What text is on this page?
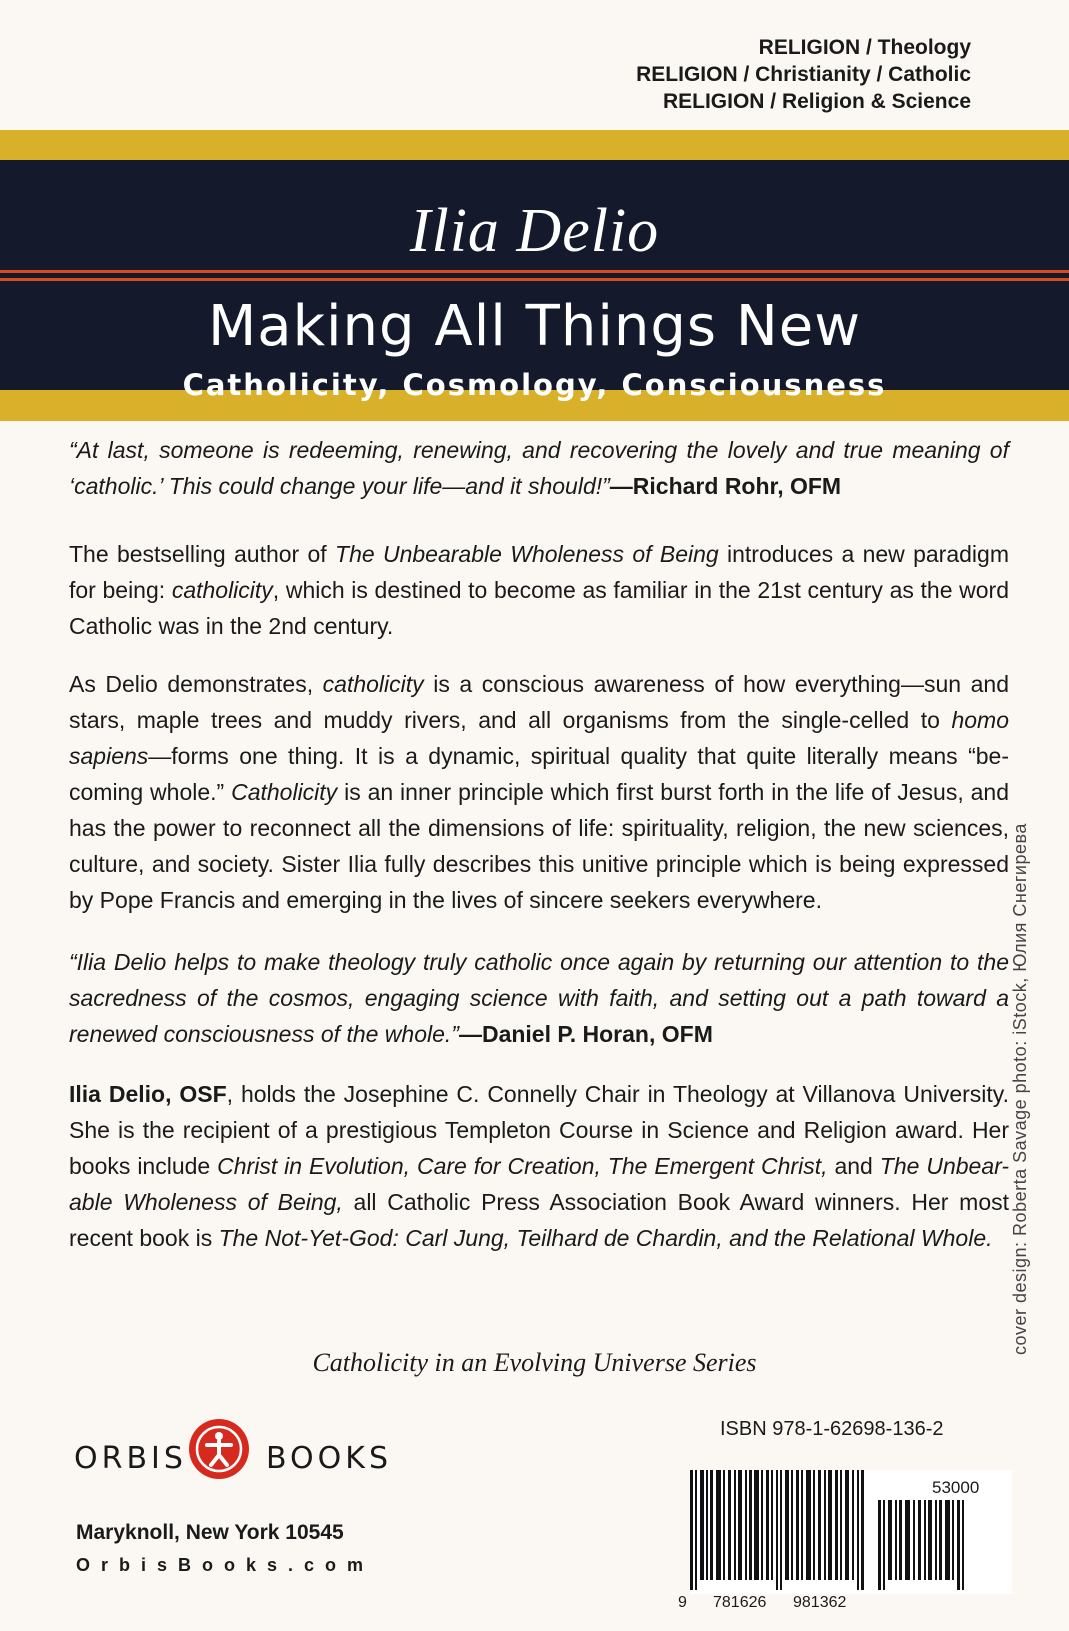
RELIGION / Theology
RELIGION / Christianity / Catholic
RELIGION / Religion & Science
Ilia Delio
Making All Things New
Catholicity, Cosmology, Consciousness
“At last, someone is redeeming, renewing, and recovering the lovely and true meaning of ‘catholic.’ This could change your life—and it should!”—Richard Rohr, OFM
The bestselling author of The Unbearable Wholeness of Being introduces a new paradigm for being: catholicity, which is destined to become as familiar in the 21st century as the word Catholic was in the 2nd century.
As Delio demonstrates, catholicity is a conscious awareness of how everything—sun and stars, maple trees and muddy rivers, and all organisms from the single-celled to homo sapiens—forms one thing. It is a dynamic, spiritual quality that quite literally means “be-coming whole.” Catholicity is an inner principle which first burst forth in the life of Jesus, and has the power to reconnect all the dimensions of life: spirituality, religion, the new sciences, culture, and society. Sister Ilia fully describes this unitive principle which is being expressed by Pope Francis and emerging in the lives of sincere seekers everywhere.
“Ilia Delio helps to make theology truly catholic once again by returning our attention to the sacredness of the cosmos, engaging science with faith, and setting out a path toward a renewed consciousness of the whole.”—Daniel P. Horan, OFM
Ilia Delio, OSF, holds the Josephine C. Connelly Chair in Theology at Villanova University. She is the recipient of a prestigious Templeton Course in Science and Religion award. Her books include Christ in Evolution, Care for Creation, The Emergent Christ, and The Unbear-able Wholeness of Being, all Catholic Press Association Book Award winners. Her most recent book is The Not-Yet-God: Carl Jung, Teilhard de Chardin, and the Relational Whole. cover design: Roberta Savage photo: iStock, Юлия Снегирева
Catholicity in an Evolving Universe Series
ORBIS	BOOKS
Maryknoll, New York 10545
OrbisBooks.com
ISBN 978-1-62698-136-2
53000
9 781626 981362
